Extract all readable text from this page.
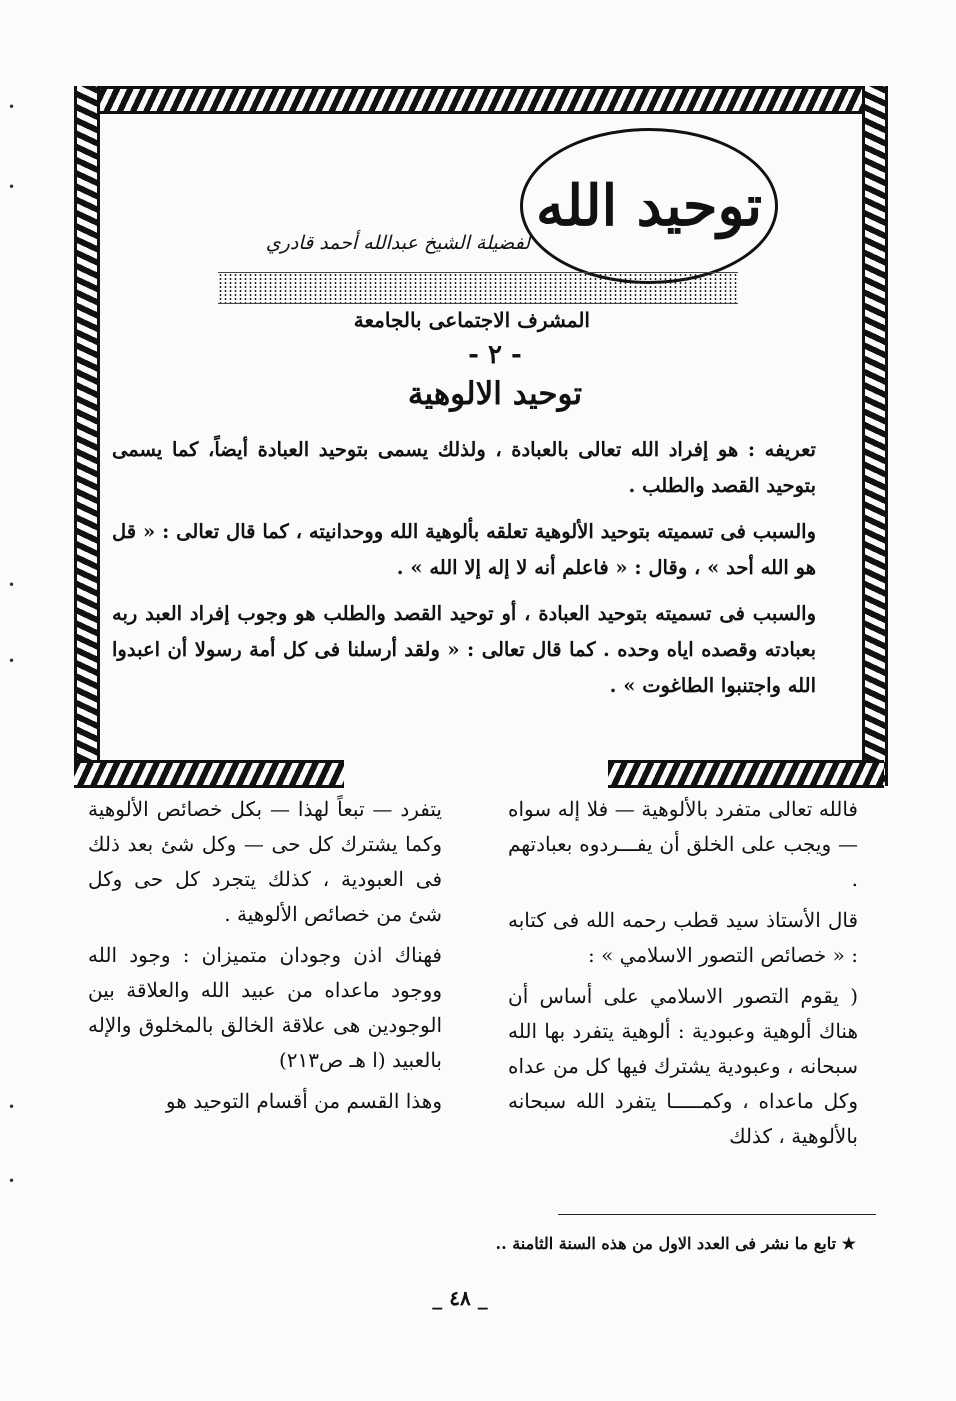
توحيد الله
لفضيلة الشيخ عبدالله أحمد قادري
المشرف الاجتماعى بالجامعة
- ٢ -
توحيد الالوهية

تعريفه : هو إفراد الله تعالى بالعبادة ، ولذلك يسمى بتوحيد العبادة أيضاً، كما يسمى بتوحيد القصد والطلب .

والسبب فى تسميته بتوحيد الألوهية تعلقه بألوهية الله ووحدانيته ، كما قال تعالى : « قل هو الله أحد » ، وقال : « فاعلم أنه لا إله إلا الله » .

والسبب فى تسميته بتوحيد العبادة ، أو توحيد القصد والطلب هو وجوب إفراد العبد ربه بعبادته وقصده اياه وحده . كما قال تعالى : « ولقد أرسلنا فى كل أمة رسولا أن اعبدوا الله واجتنبوا الطاغوت » .

فالله تعالى متفرد بالألوهية — فلا إله سواه — ويجب على الخلق أن يفـــردوه بعبادتهم .

قال الأستاذ سيد قطب رحمه الله فى كتابه : « خصائص التصور الاسلامي » :

( يقوم التصور الاسلامي على أساس أن هناك ألوهية وعبودية : ألوهية يتفرد بها الله سبحانه ، وعبودية يشترك فيها كل من عداه وكل ماعداه ، وكمـــــا يتفرد الله سبحانه بالألوهية ، كذلك

يتفرد — تبعاً لهذا — بكل خصائص الألوهية وكما يشترك كل حى — وكل شئ بعد ذلك فى العبودية ، كذلك يتجرد كل حى وكل شئ من خصائص الألوهية .

فهناك اذن وجودان متميزان : وجود الله ووجود ماعداه من عبيد الله والعلاقة بين الوجودين هى علاقة الخالق بالمخلوق والإله بالعبيد (ا هـ ص٢١٣)

وهذا القسم من أقسام التوحيد هو

★ تابع ما نشر فى العدد الاول من هذه السنة الثامنة ..
_ ٤٨ _
•
•
•
•
•
•
